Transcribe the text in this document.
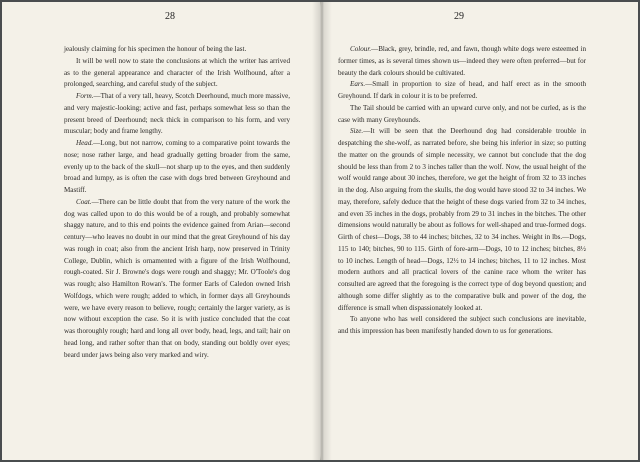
28

jealously claiming for his specimen the honour of being the last.

It will be well now to state the conclusions at which the writer has arrived as to the general appearance and character of the Irish Wolfhound, after a prolonged, searching, and careful study of the subject.

Form.—That of a very tall, heavy, Scotch Deerhound, much more massive, and very majestic-looking; active and fast, perhaps somewhat less so than the present breed of Deerhound; neck thick in comparison to his form, and very muscular; body and frame lengthy.

Head.—Long, but not narrow, coming to a comparative point towards the nose; nose rather large, and head gradually getting broader from the same, evenly up to the back of the skull—not sharp up to the eyes, and then suddenly broad and lumpy, as is often the case with dogs bred between Greyhound and Mastiff.

Coat.—There can be little doubt that from the very nature of the work the dog was called upon to do this would be of a rough, and probably somewhat shaggy nature, and to this end points the evidence gained from Arian—second century—who leaves no doubt in our mind that the great Greyhound of his day was rough in coat; also from the ancient Irish harp, now preserved in Trinity College, Dublin, which is ornamented with a figure of the Irish Wolfhound, rough-coated. Sir J. Browne's dogs were rough and shaggy; Mr. O'Toole's dog was rough; also Hamilton Rowan's. The former Earls of Caledon owned Irish Wolfdogs, which were rough; added to which, in former days all Greyhounds were, we have every reason to believe, rough; certainly the larger variety, as is now without exception the case. So it is with justice concluded that the coat was thoroughly rough; hard and long all over body, head, legs, and tail; hair on head long, and rather softer than that on body, standing out boldly over eyes; beard under jaws being also very marked and wiry.

29

Colour.—Black, grey, brindle, red, and fawn, though white dogs were esteemed in former times, as is several times shown us—indeed they were often preferred—but for beauty the dark colours should be cultivated.

Ears.—Small in proportion to size of head, and half erect as in the smooth Greyhound. If dark in colour it is to be preferred.

The Tail should be carried with an upward curve only, and not be curled, as is the case with many Greyhounds.

Size.—It will be seen that the Deerhound dog had considerable trouble in despatching the she-wolf, as narrated before, she being his inferior in size; so putting the matter on the grounds of simple necessity, we cannot but conclude that the dog should be less than from 2 to 3 inches taller than the wolf. Now, the usual height of the wolf would range about 30 inches, therefore, we get the height of from 32 to 33 inches in the dog. Also arguing from the skulls, the dog would have stood 32 to 34 inches. We may, therefore, safely deduce that the height of these dogs varied from 32 to 34 inches, and even 35 inches in the dogs, probably from 29 to 31 inches in the bitches. The other dimensions would naturally be about as follows for well-shaped and true-formed dogs. Girth of chest—Dogs, 38 to 44 inches; bitches, 32 to 34 inches. Weight in lbs.—Dogs, 115 to 140; bitches, 90 to 115. Girth of fore-arm—Dogs, 10 to 12 inches; bitches, 8½ to 10 inches. Length of head—Dogs, 12½ to 14 inches; bitches, 11 to 12 inches. Most modern authors and all practical lovers of the canine race whom the writer has consulted are agreed that the foregoing is the correct type of dog beyond question; and although some differ slightly as to the comparative bulk and power of the dog, the difference is small when dispassionately looked at.

To anyone who has well considered the subject such conclusions are inevitable, and this impression has been manifestly handed down to us for generations.
